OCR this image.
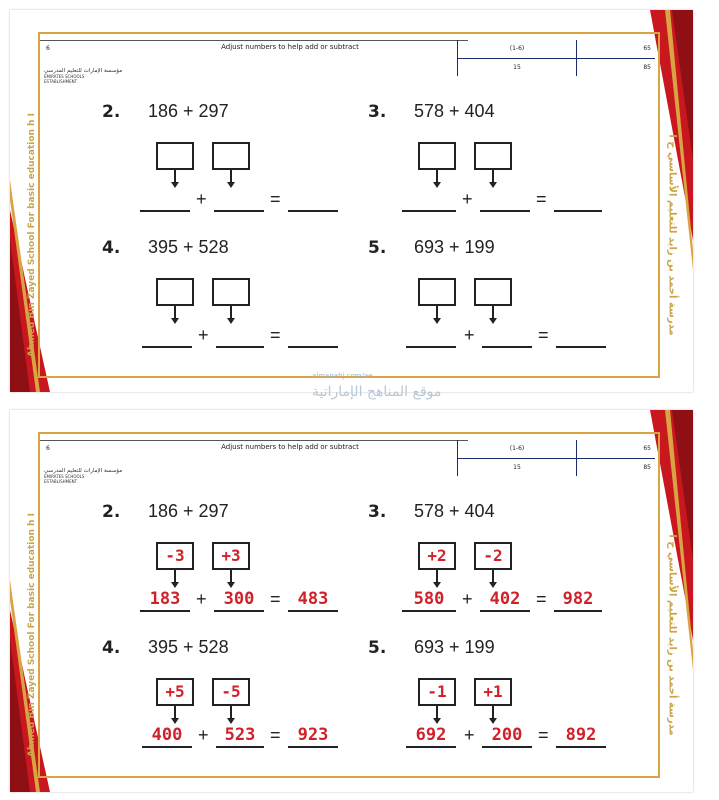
6	Adjust numbers to help add or subtract
مؤسسة الإمارات للتعليم المدرسي
EMIRATES SCHOOLS ESTABLISHMENT
(1-6)	65
15	85
Ahmed Bin Zayed School For basic education h I	مدرسة أحمد بن زايد للتعليم الأساسي ح ا
2. 186 + 297
+	=
3. 578 + 404
+	=
4. 395 + 528
+	=
5. 693 + 199
+	=
almanahj.com/ae
موقع المناهج الإماراتية
6	Adjust numbers to help add or subtract
مؤسسة الإمارات للتعليم المدرسي
EMIRATES SCHOOLS ESTABLISHMENT
(1-6)	65
15	85
Ahmed Bin Zayed School For basic education h I	مدرسة أحمد بن زايد للتعليم الأساسي ح ا
2. 186 + 297
-3	+3
183 +	300 =	483
3. 578 + 404
+2	-2
580 +	402 = 982
4. 395 + 528
+5	-5
400 + 523 =	923
5. 693 + 199
-1	+1
692 +	200 =	892
